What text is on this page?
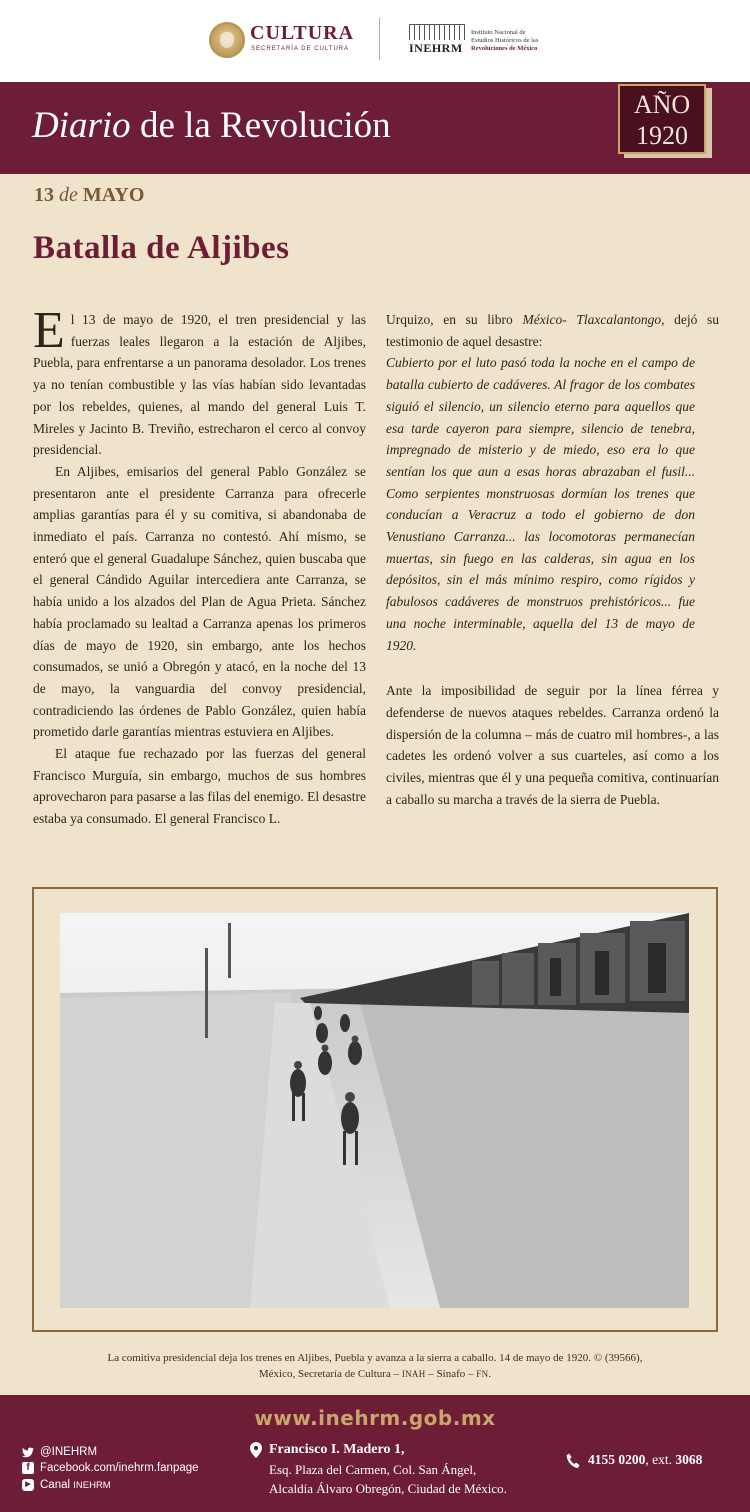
CULTURA
SECRETARÍA DE CULTURA	INEHRM
Instituto Nacional de
Estudios Históricos de las
Revoluciones de México
Diario de la Revolución
AÑO
1920
13 de MAYO
Batalla de Aljibes

El 13 de mayo de 1920, el tren presidencial y las fuerzas leales llegaron a la estación de Aljibes, Puebla, para enfrentarse a un panorama desolador. Los trenes ya no tenían combustible y las vías habían sido levantadas por los rebeldes, quienes, al mando del general Luis T. Mireles y Jacinto B. Treviño, estrecharon el cerco al convoy presidencial.

En Aljibes, emisarios del general Pablo González se presentaron ante el presidente Carranza para ofrecerle amplias garantías para él y su comitiva, si abandonaba de inmediato el país. Carranza no contestó. Ahí mismo, se enteró que el general Guadalupe Sánchez, quien buscaba que el general Cándido Aguilar intercediera ante Carranza, se había unido a los alzados del Plan de Agua Prieta. Sánchez había proclamado su lealtad a Carranza apenas los primeros días de mayo de 1920, sin embargo, ante los hechos consumados, se unió a Obregón y atacó, en la noche del 13 de mayo, la vanguardia del convoy presidencial, contradiciendo las órdenes de Pablo González, quien había prometido darle garantías mientras estuviera en Aljibes.

El ataque fue rechazado por las fuerzas del general Francisco Murguía, sin embargo, muchos de sus hombres aprovecharon para pasarse a las filas del enemigo. El desastre estaba ya consumado. El general Francisco L.

Urquizo, en su libro México- Tlaxcalantongo, dejó su testimonio de aquel desastre:

Cubierto por el luto pasó toda la noche en el campo de batalla cubierto de cadáveres. Al fragor de los combates siguió el silencio, un silencio eterno para aquellos que esa tarde cayeron para siempre, silencio de tenebra, impregnado de misterio y de miedo, eso era lo que sentían los que aun a esas horas abrazaban el fusil... Como serpientes monstruosas dormían los trenes que conducían a Veracruz a todo el gobierno de don Venustiano Carranza... las locomotoras permanecían muertas, sin fuego en las calderas, sin agua en los depósitos, sin el más mínimo respiro, como rígidos y fabulosos cadáveres de monstruos prehistóricos... fue una noche interminable, aquella del 13 de mayo de 1920.

Ante la imposibilidad de seguir por la línea férrea y defenderse de nuevos ataques rebeldes. Carranza ordenó la dispersión de la columna – más de cuatro mil hombres-, a las cadetes les ordenó volver a sus cuarteles, así como a los civiles, mientras que él y una pequeña comitiva, continuarían a caballo su marcha a través de la sierra de Puebla.

La comitiva presidencial deja los trenes en Aljibes, Puebla y avanza a la sierra a caballo. 14 de mayo de 1920. © (39566),
México, Secretaría de Cultura – INAH – Sinafo – FN.
www.inehrm.gob.mx
@INEHRM
f Facebook.com/inehrm.fanpage
▶ Canal INEHRM
Francisco I. Madero 1,
Esq. Plaza del Carmen, Col. San Ángel,
Alcaldía Álvaro Obregón, Ciudad de México.
4155 0200, ext. 3068
